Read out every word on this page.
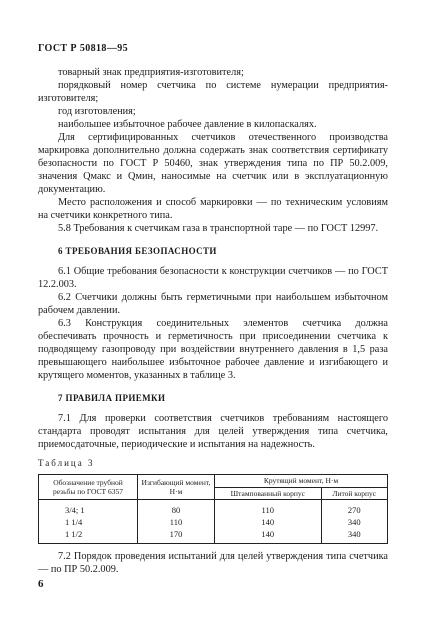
ГОСТ Р 50818—95

товарный знак предприятия-изготовителя;

порядковый номер счетчика по системе нумерации предприятия-изготовителя;

год изготовления;

наибольшее избыточное рабочее давление в килопаскалях.

Для сертифицированных счетчиков отечественного производства маркировка дополнительно должна содержать знак соответствия сертификату безопасности по ГОСТ Р 50460, знак утверждения типа по ПР 50.2.009, значения Qмакс и Qмин, наносимые на счетчик или в эксплуатационную документацию.

Место расположения и способ маркировки — по техническим условиям на счетчики конкретного типа.

5.8 Требования к счетчикам газа в транспортной таре — по ГОСТ 12997.

6 ТРЕБОВАНИЯ БЕЗОПАСНОСТИ

6.1 Общие требования безопасности к конструкции счетчиков — по ГОСТ 12.2.003.

6.2 Счетчики должны быть герметичными при наибольшем избыточном рабочем давлении.

6.3 Конструкция соединительных элементов счетчика должна обеспечивать прочность и герметичность при присоединении счетчика к подводящему газопроводу при воздействии внутреннего давления в 1,5 раза превышающего наибольшее избыточное рабочее давление и изгибающего и крутящего моментов, указанных в таблице 3.

7 ПРАВИЛА ПРИЕМКИ

7.1 Для проверки соответствия счетчиков требованиям настоящего стандарта проводят испытания для целей утверждения типа счетчика, приемосдаточные, периодические и испытания на надежность.

Таблица 3

Обозначение трубной резьбы по ГОСТ 6357	Изгибающий момент, Н·м	Крутящий момент, Н·м	
		Штампованный корпус	Литой корпус
3/4; 1	80	110	270
1 1/4	110	140	340
1 1/2	170	140	340

7.2 Порядок проведения испытаний для целей утверждения типа счетчика — по ПР 50.2.009.

6
